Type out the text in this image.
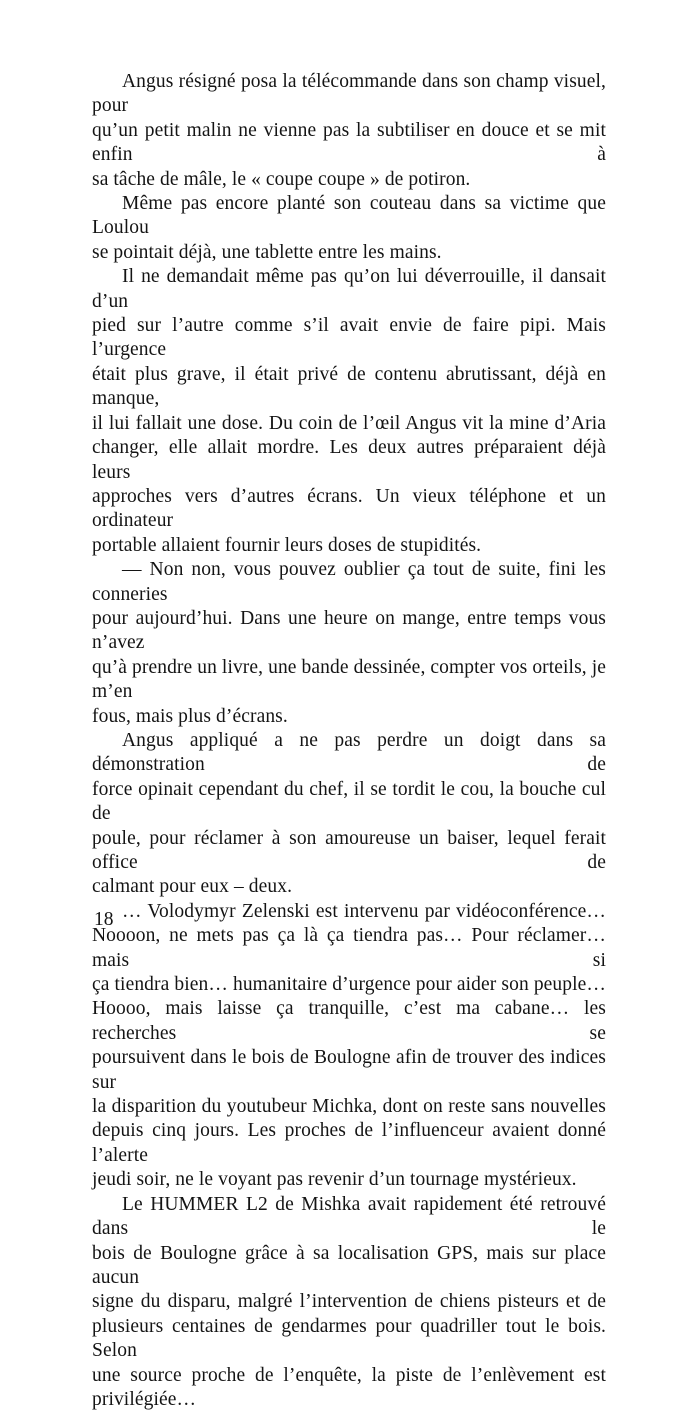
Angus résigné posa la télécommande dans son champ visuel, pour
qu’un petit malin ne vienne pas la subtiliser en douce et se mit enfin à
sa tâche de mâle, le « coupe coupe » de potiron.
Même pas encore planté son couteau dans sa victime que Loulou
se pointait déjà, une tablette entre les mains.
Il ne demandait même pas qu’on lui déverrouille, il dansait d’un
pied sur l’autre comme s’il avait envie de faire pipi. Mais l’urgence
était plus grave, il était privé de contenu abrutissant, déjà en manque,
il lui fallait une dose. Du coin de l’œil Angus vit la mine d’Aria
changer, elle allait mordre. Les deux autres préparaient déjà leurs
approches vers d’autres écrans. Un vieux téléphone et un ordinateur
portable allaient fournir leurs doses de stupidités.
— Non non, vous pouvez oublier ça tout de suite, fini les conneries
pour aujourd’hui. Dans une heure on mange, entre temps vous n’avez
qu’à prendre un livre, une bande dessinée, compter vos orteils, je m’en
fous, mais plus d’écrans.
Angus appliqué a ne pas perdre un doigt dans sa démonstration de
force opinait cependant du chef, il se tordit le cou, la bouche cul de
poule, pour réclamer à son amoureuse un baiser, lequel ferait office de
calmant pour eux – deux.
… Volodymyr Zelenski est intervenu par vidéoconférence…
Noooon, ne mets pas ça là ça tiendra pas… Pour réclamer… mais si
ça tiendra bien… humanitaire d’urgence pour aider son peuple…
Hoooo, mais laisse ça tranquille, c’est ma cabane… les recherches se
poursuivent dans le bois de Boulogne afin de trouver des indices sur
la disparition du youtubeur Michka, dont on reste sans nouvelles
depuis cinq jours. Les proches de l’influenceur avaient donné l’alerte
jeudi soir, ne le voyant pas revenir d’un tournage mystérieux.
Le HUMMER L2 de Mishka avait rapidement été retrouvé dans le
bois de Boulogne grâce à sa localisation GPS, mais sur place aucun
signe du disparu, malgré l’intervention de chiens pisteurs et de
plusieurs centaines de gendarmes pour quadriller tout le bois. Selon
une source proche de l’enquête, la piste de l’enlèvement est
privilégiée…
18
